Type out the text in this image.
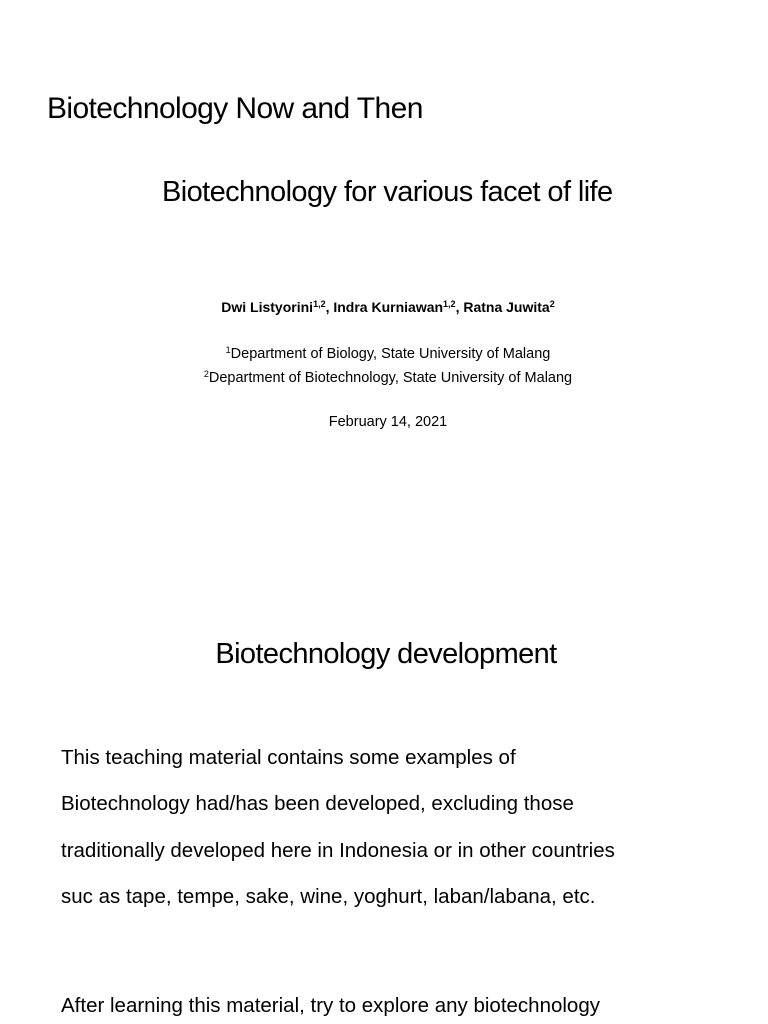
Biotechnology Now and Then
Biotechnology for various facet of life

Dwi Listyorini$^{1,2}$, Indra Kurniawan$^{1,2}$, Ratna Juwita$^2$

$^1$Department of Biology, State University of Malang

$^2$Department of Biotechnology, State University of Malang

February 14, 2021

Biotechnology development

This teaching material contains some examples of

Biotechnology had/has been developed, excluding those

traditionally developed here in Indonesia or in other countries

suc as tape, tempe, sake, wine, yoghurt, laban/labana, etc.

After learning this material, try to explore any biotechnology
